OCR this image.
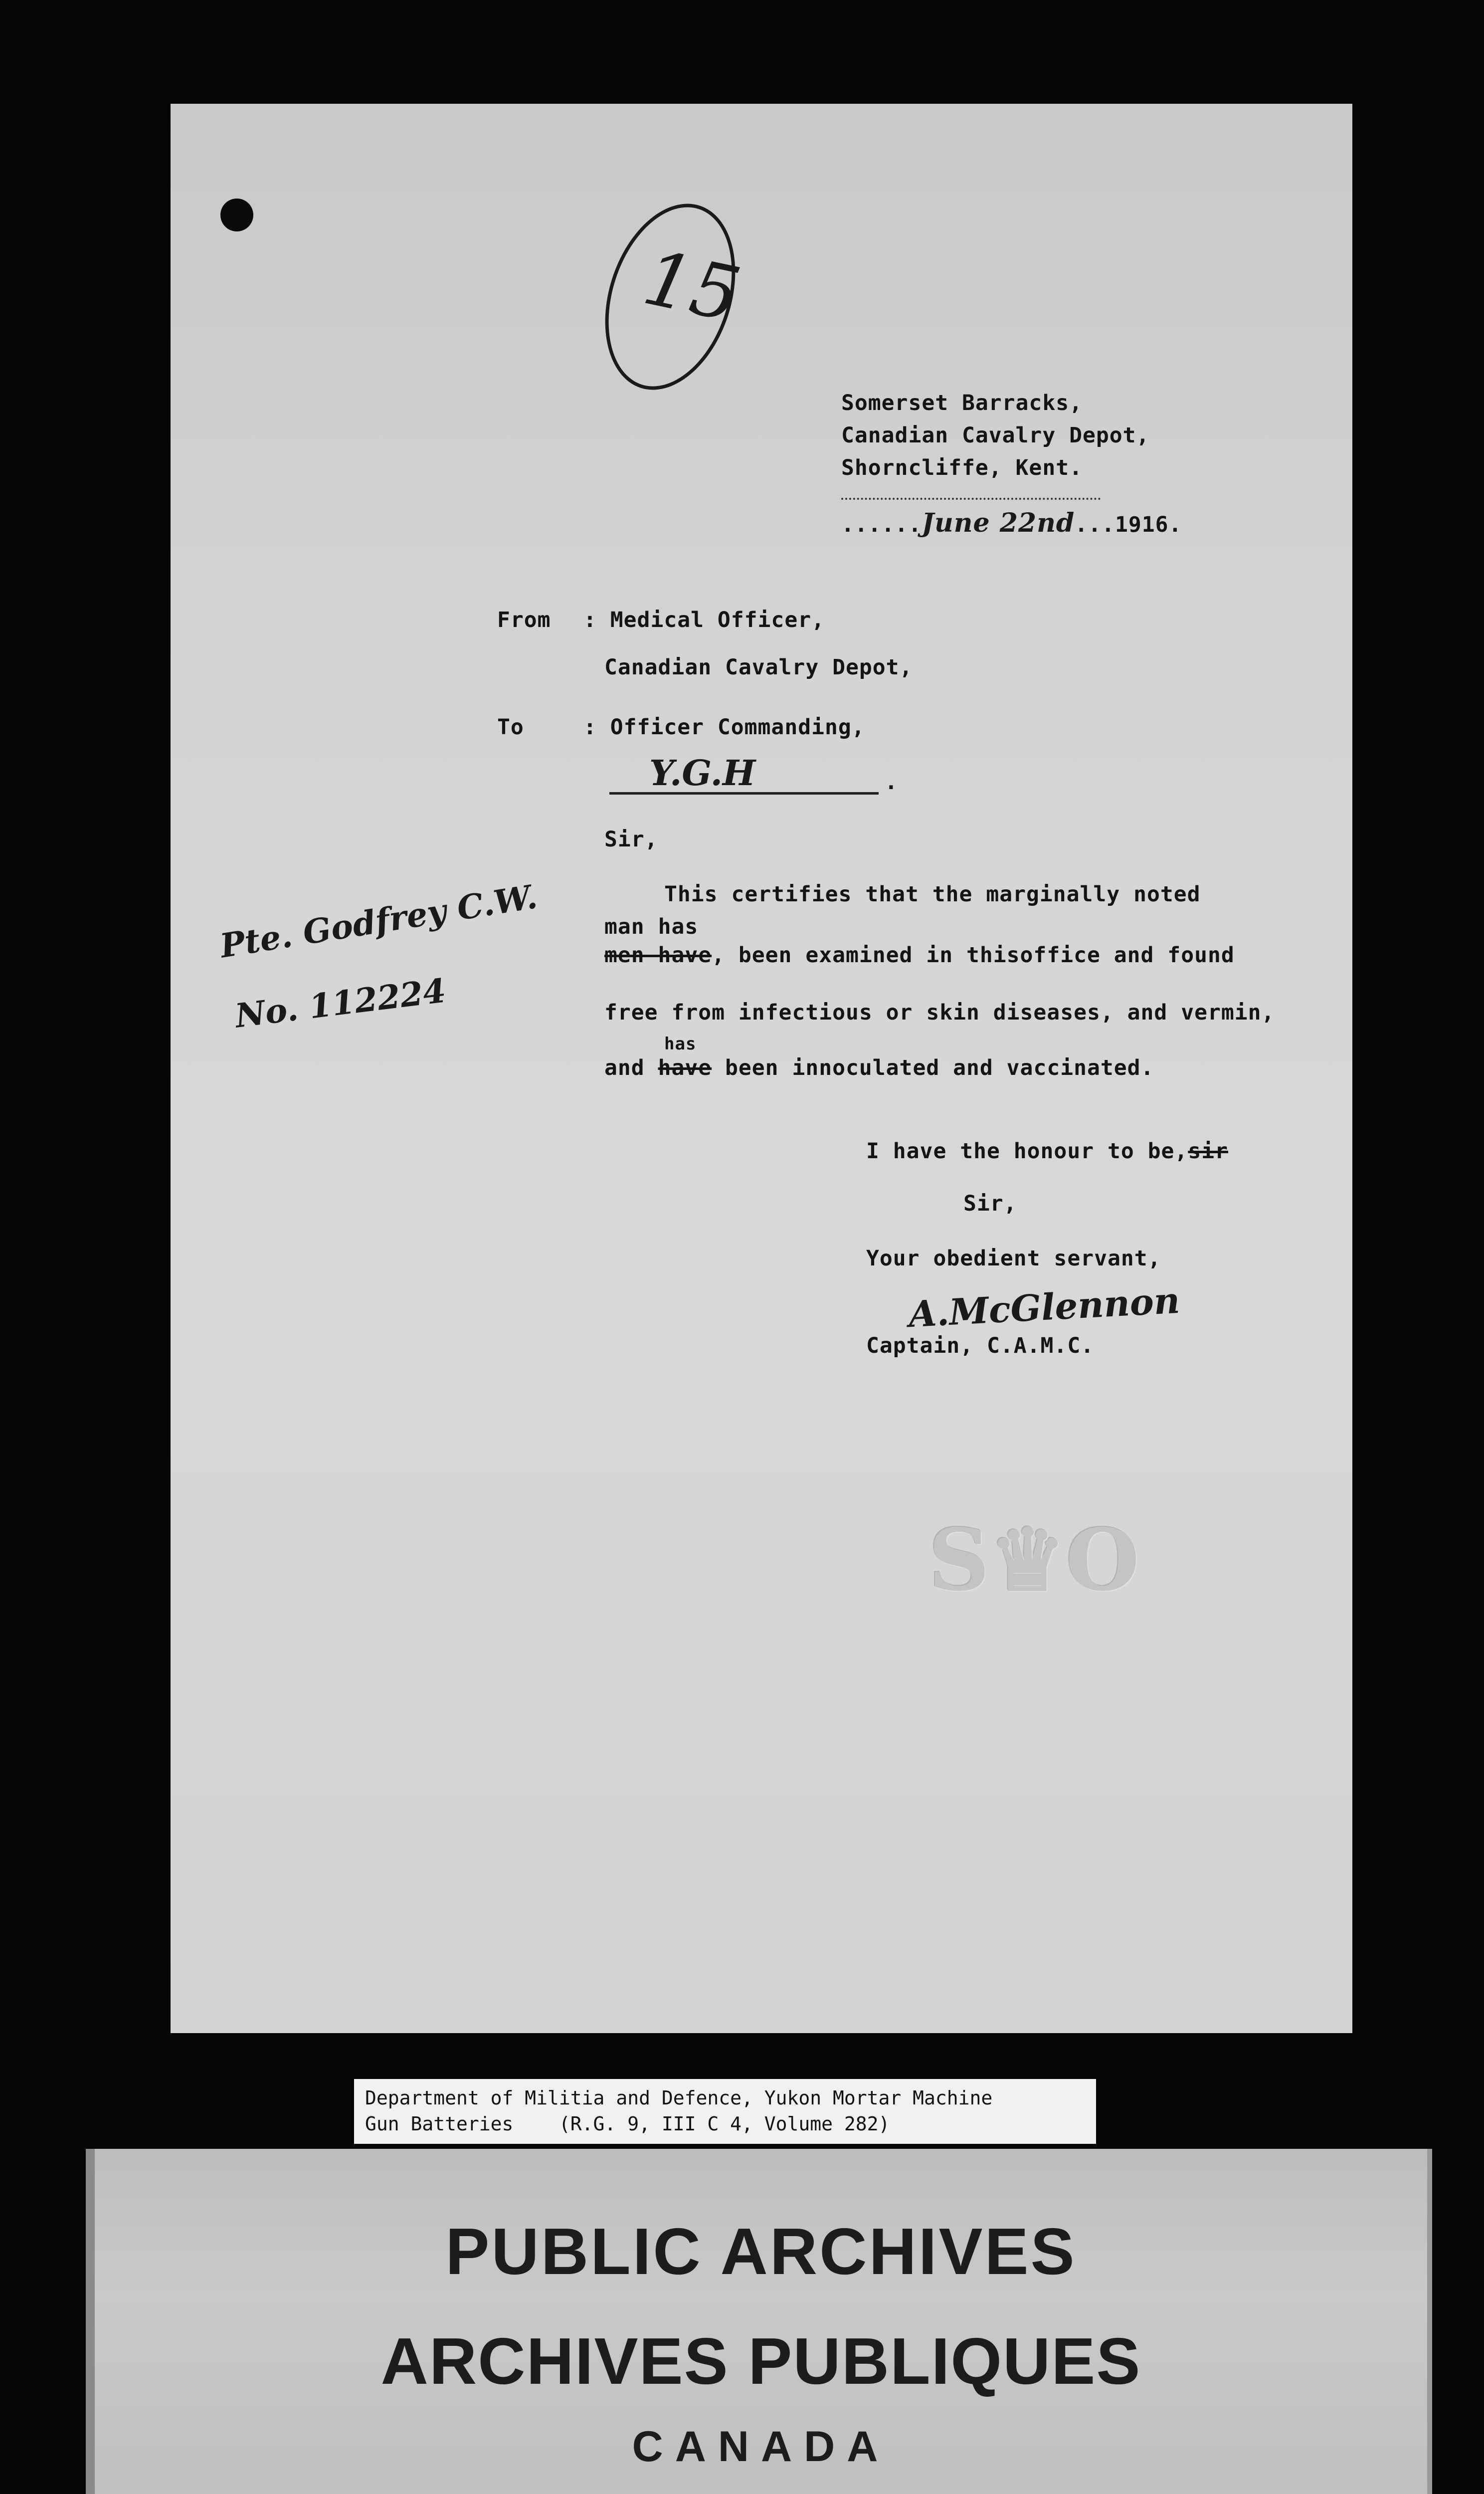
15
Somerset Barracks,
Canadian Cavalry Depot,
Shorncliffe, Kent.
......June 22nd...1916.
From : Medical Officer,
Canadian Cavalry Depot,
To	: Officer Commanding,
Y.G.H	.
Sir,
This certifies that the marginally noted
man has
men have, been examined in thisoffice and found
free from infectious or skin diseases, and vermin,
has
and have been innoculated and vaccinated.
Pte. Godfrey C.W.
No. 112224
I have the honour to be,sir
Sir,
Your obedient servant,
A.McGlennon
Captain, C.A.M.C.
S♛O
Department of Militia and Defence, Yukon Mortar Machine
Gun Batteries    (R.G. 9, III C 4, Volume 282)
PUBLIC ARCHIVES
ARCHIVES PUBLIQUES
CANADA
